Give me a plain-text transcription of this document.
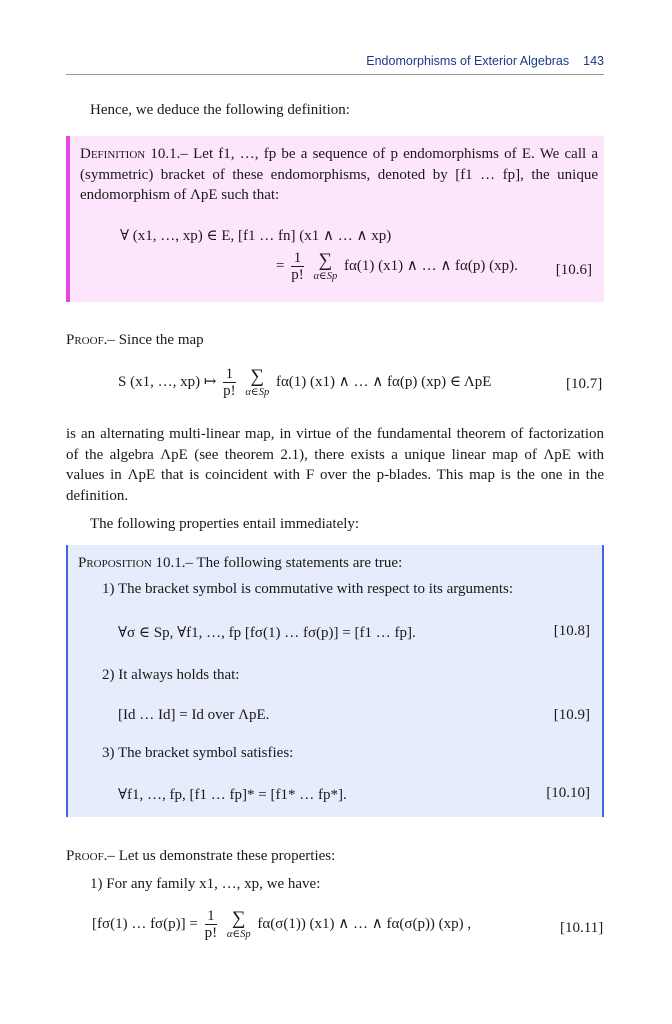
Endomorphisms of Exterior Algebras 143
Hence, we deduce the following definition:
Definition 10.1.– Let f1, …, fp be a sequence of p endomorphisms of E. We call a (symmetric) bracket of these endomorphisms, denoted by [f1 … fp], the unique endomorphism of ΛpE such that:
∀ (x1, …, xp) ∈ E, [f1 … fn] (x1 ∧ … ∧ xp)
= $\frac{1}{p!}$
∑
α∈Sp
fα(1) (x1) ∧ … ∧ fα(p) (xp).	[10.6]
Proof.– Since the map
S (x1, …, xp) ↦ $\frac{1}{p!}$
∑
α∈Sp
fα(1) (x1) ∧ … ∧ fα(p) (xp) ∈ ΛpE	[10.7]
is an alternating multi-linear map, in virtue of the fundamental theorem of factorization of the algebra ΛpE (see theorem 2.1), there exists a unique linear map of ΛpE with values in ΛpE that is coincident with F over the p-blades. This map is the one in the definition.
The following properties entail immediately:
Proposition 10.1.– The following statements are true:
1) The bracket symbol is commutative with respect to its arguments:
∀σ ∈ Sp, ∀f1, …, fp [fσ(1) … fσ(p)] = [f1 … fp].	[10.8]
2) It always holds that:
[Id … Id] = Id over ΛpE.	[10.9]
3) The bracket symbol satisfies:
∀f1, …, fp, [f1 … fp]* = [f1* … fp*].	[10.10]
Proof.– Let us demonstrate these properties:
1) For any family x1, …, xp, we have:
[fσ(1) … $f\sigma(p)] = \frac{1}{p!}$
∑
α∈Sp
fα(σ(1)) (x1) ∧ … ∧ fα(σ(p)) (xp) ,	[10.11]
